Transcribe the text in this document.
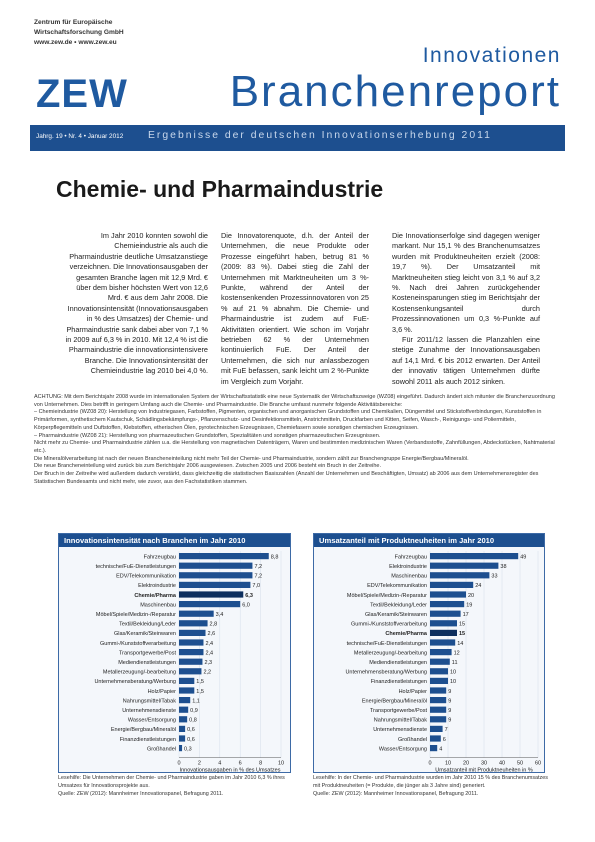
Zentrum für Europäische
Wirtschaftsforschung GmbH
www.zew.de • www.zew.eu
ZEW
Innovationen
Branchenreport
Jahrg. 19 • Nr. 4 • Januar 2012 Ergebnisse der deutschen Innovationserhebung 2011
Chemie- und Pharmaindustrie

Im Jahr 2010 konnten sowohl die Chemieindustrie als auch die Pharmaindustrie deutliche Umsatzanstiege verzeichnen. Die Innovationsausgaben der gesamten Branche lagen mit 12,9 Mrd. € über dem bisher höchsten Wert von 12,6 Mrd. € aus dem Jahr 2008. Die Innovationsintensität (Innovationsausgaben in % des Umsatzes) der Chemie- und Pharmaindustrie sank dabei aber von 7,1 % in 2009 auf 6,3 % in 2010. Mit 12,4 % ist die Pharmaindustrie die innovationsintensivere Branche. Die Innovationsintensität der Chemieindustrie lag 2010 bei 4,0 %.

Die Innovatorenquote, d.h. der Anteil der Unternehmen, die neue Produkte oder Prozesse eingeführt haben, betrug 81 % (2009: 83 %). Dabei stieg die Zahl der Unternehmen mit Marktneuheiten um 3 %-Punkte, während der Anteil der kostensenkenden Prozessinnovatoren von 25 % auf 21 % abnahm. Die Chemie- und Pharmaindustrie ist zudem auf FuE-Aktivitäten orientiert. Wie schon im Vorjahr betrieben 62 % der Unternehmen kontinuierlich FuE. Der Anteil der Unternehmen, die sich nur anlassbezogen mit FuE befassen, sank leicht um 2 %-Punkte im Vergleich zum Vorjahr.

Die Innovationserfolge sind dagegen weniger markant. Nur 15,1 % des Branchenumsatzes wurden mit Produktneuheiten erzielt (2008: 19,7 %). Der Umsatzanteil mit Marktneuheiten stieg leicht von 3,1 % auf 3,2 %. Nach drei Jahren zurückgehender Kosteneinsparungen stieg im Berichtsjahr der Kostensenkungsanteil durch Prozessinnovationen um 0,3 %-Punkte auf 3,6 %.

Für 2011/12 lassen die Planzahlen eine stetige Zunahme der Innovationsausgaben auf 14,1 Mrd. € bis 2012 erwarten. Der Anteil der innovativ tätigen Unternehmen dürfte sowohl 2011 als auch 2012 sinken.

ACHTUNG: Mit dem Berichtsjahr 2008 wurde im internationalen System der Wirtschaftsstatistik eine neue Systematik der Wirtschaftszweige (WZ08) eingeführt. Dadurch ändert sich mitunter die Branchenzuordnung von Unternehmen. Dies betrifft in geringem Umfang auch die Chemie- und Pharmaindustrie. Die Branche umfasst nunmehr folgende Aktivitätsbereiche:

– Chemieindustrie (WZ08 20): Herstellung von Industriegasen, Farbstoffen, Pigmenten, organischen und anorganischen Grundstoffen und Chemikalien, Düngemittel und Stickstoffverbindungen, Kunststoffen in Primärformen, synthetischem Kautschuk, Schädlingsbekämpfungs-, Pflanzenschutz- und Desinfektionsmitteln, Anstrichmitteln, Druckfarben und Kitten, Seifen, Wasch-, Reinigungs- und Poliermitteln, Körperpflegemitteln und Duftstoffen, Klebstoffen, etherischen Ölen, pyrotechnischen Erzeugnissen, Chemiefasern sowie sonstigen chemischen Erzeugnissen.

– Pharmaindustrie (WZ08 21): Herstellung von pharmazeutischen Grundstoffen, Spezialitäten und sonstigen pharmazeutischen Erzeugnissen.

Nicht mehr zu Chemie- und Pharmaindustrie zählen u.a. die Herstellung von magnetischen Datenträgern, Waren und bestimmten medizinischen Waren (Verbandsstoffe, Zahnfüllungen, Abdeckstücken, Nahtmaterial etc.).

Die Mineralölverarbeitung ist nach der neuen Brancheneinteilung nicht mehr Teil der Chemie- und Pharmaindustrie, sondern zählt zur Branchengruppe Energie/Bergbau/Mineralöl.

Die neue Brancheneinteilung wird zurück bis zum Berichtsjahr 2006 ausgewiesen. Zwischen 2005 und 2006 besteht ein Bruch in der Zeitreihe.

Der Bruch in der Zeitreihe wird außerdem dadurch verstärkt, dass gleichzeitig die statistischen Basiszahlen (Anzahl der Unternehmen und Beschäftigten, Umsatz) ab 2006 aus dem Unternehmensregister des Statistischen Bundesamts und nicht mehr, wie zuvor, aus den Fachstatistiken stammen.

Innovationsintensität nach Branchen im Jahr 2010
0	2	4	6	8	10
Innovationsausgaben in % des Umsatzes
Fahrzeugbau	8,8
technische/FuE-Dienstleistungen	7,2
EDV/Telekommunikation	7,2
Elektroindustrie	7,0
Chemie/Pharma	6,3
Maschinenbau	6,0
Möbel/Spiele/Medizin-/Reparatur	3,4
Textil/Bekleidung/Leder	2,8
Glas/Keramik/Steinwaren	2,6
Gummi-/Kunststoffverarbeitung	2,4
Transportgewerbe/Post	2,4
Mediendienstleistungen	2,3
Metallerzeugung/-bearbeitung	2,2
Unternehmensberatung/Werbung	1,5
Holz/Papier	1,5
Nahrungsmittel/Tabak	1,1
Unternehmensdienste	0,9
Wasser/Entsorgung 0,8
Energie/Bergbau/Mineralöl 0,6
Finanzdienstleistungen 0,6
Großhandel 0,3
Umsatzanteil mit Produktneuheiten im Jahr 2010
0 10 20 30 40 50 60
Umsatzanteil mit Produktneuheiten in %
Fahrzeugbau	49
Elektroindustrie	38
Maschinenbau	33
EDV/Telekommunikation	24
Möbel/Spiele/Medizin-/Reparatur	20
Textil/Bekleidung/Leder	19
Glas/Keramik/Steinwaren	17
Gummi-/Kunststoffverarbeitung	15
Chemie/Pharma	15
technische/FuE-Dienstleistungen	14
Metallerzeugung/-bearbeitung	12
Mediendienstleistungen	11
Unternehmensberatung/Werbung	10
Finanzdienstleistungen	10
Holz/Papier	9
Energie/Bergbau/Mineralöl	9
Transportgewerbe/Post	9
Nahrungsmittel/Tabak	9
Unternehmensdienste	7
Großhandel	6
Wasser/Entsorgung 4

Lesehilfe: Die Unternehmen der Chemie- und Pharmaindustrie gaben im Jahr 2010 6,3 % ihres Umsatzes für Innovationsprojekte aus.

Quelle: ZEW (2012): Mannheimer Innovationspanel, Befragung 2011.

Lesehilfe: In der Chemie- und Pharmaindustrie wurden im Jahr 2010 15 % des Branchenumsatzes mit Produktneuheiten (= Produkte, die jünger als 3 Jahre sind) generiert.

Quelle: ZEW (2012): Mannheimer Innovationspanel, Befragung 2011.
